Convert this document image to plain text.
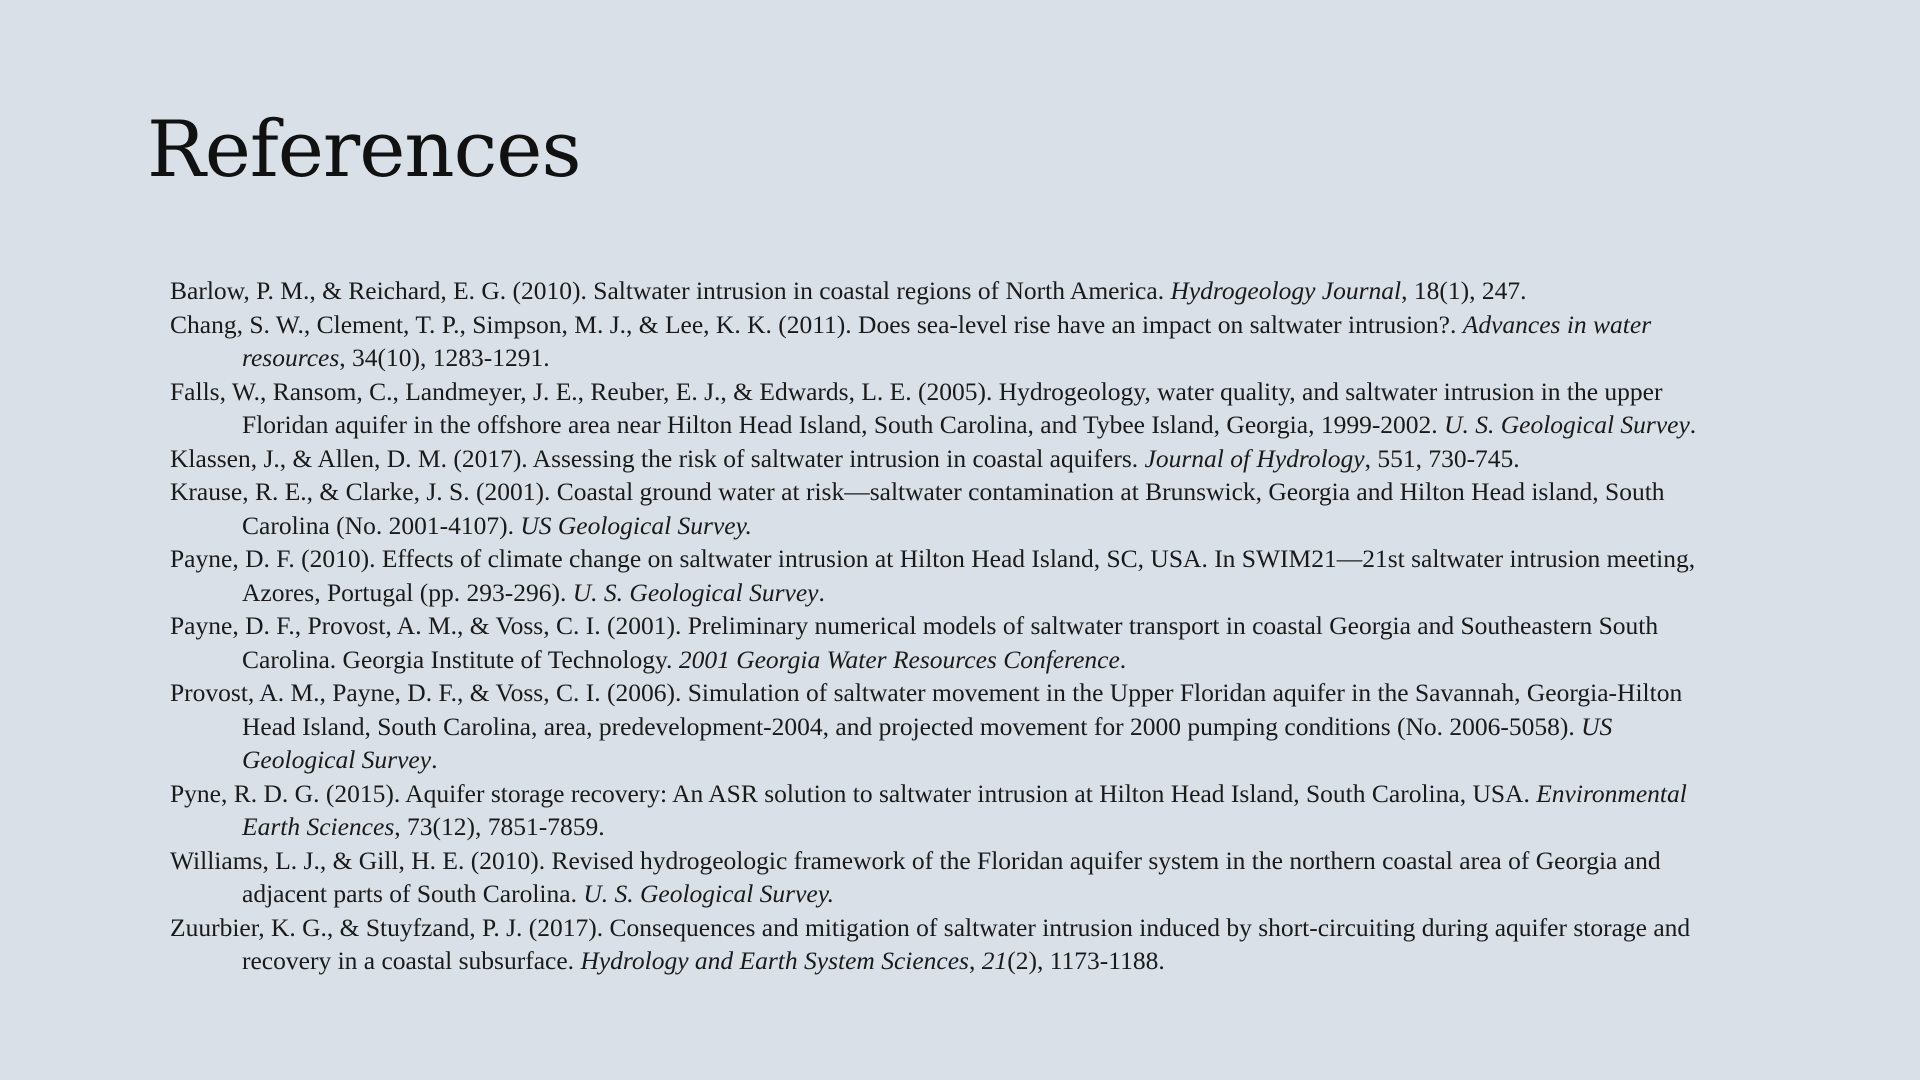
References
Barlow, P. M., & Reichard, E. G. (2010). Saltwater intrusion in coastal regions of North America. Hydrogeology Journal, 18(1), 247.
Chang, S. W., Clement, T. P., Simpson, M. J., & Lee, K. K. (2011). Does sea-level rise have an impact on saltwater intrusion?. Advances in water resources, 34(10), 1283-1291.
Falls, W., Ransom, C., Landmeyer, J. E., Reuber, E. J., & Edwards, L. E. (2005). Hydrogeology, water quality, and saltwater intrusion in the upper Floridan aquifer in the offshore area near Hilton Head Island, South Carolina, and Tybee Island, Georgia, 1999-2002. U. S. Geological Survey.
Klassen, J., & Allen, D. M. (2017). Assessing the risk of saltwater intrusion in coastal aquifers. Journal of Hydrology, 551, 730-745.
Krause, R. E., & Clarke, J. S. (2001). Coastal ground water at risk—saltwater contamination at Brunswick, Georgia and Hilton Head island, South Carolina (No. 2001-4107). US Geological Survey.
Payne, D. F. (2010). Effects of climate change on saltwater intrusion at Hilton Head Island, SC, USA. In SWIM21—21st saltwater intrusion meeting, Azores, Portugal (pp. 293-296). U. S. Geological Survey.
Payne, D. F., Provost, A. M., & Voss, C. I. (2001). Preliminary numerical models of saltwater transport in coastal Georgia and Southeastern South Carolina. Georgia Institute of Technology. 2001 Georgia Water Resources Conference.
Provost, A. M., Payne, D. F., & Voss, C. I. (2006). Simulation of saltwater movement in the Upper Floridan aquifer in the Savannah, Georgia-Hilton Head Island, South Carolina, area, predevelopment-2004, and projected movement for 2000 pumping conditions (No. 2006-5058). US Geological Survey.
Pyne, R. D. G. (2015). Aquifer storage recovery: An ASR solution to saltwater intrusion at Hilton Head Island, South Carolina, USA. Environmental Earth Sciences, 73(12), 7851-7859.
Williams, L. J., & Gill, H. E. (2010). Revised hydrogeologic framework of the Floridan aquifer system in the northern coastal area of Georgia and adjacent parts of South Carolina. U. S. Geological Survey.
Zuurbier, K. G., & Stuyfzand, P. J. (2017). Consequences and mitigation of saltwater intrusion induced by short-circuiting during aquifer storage and recovery in a coastal subsurface. Hydrology and Earth System Sciences, 21(2), 1173-1188.
